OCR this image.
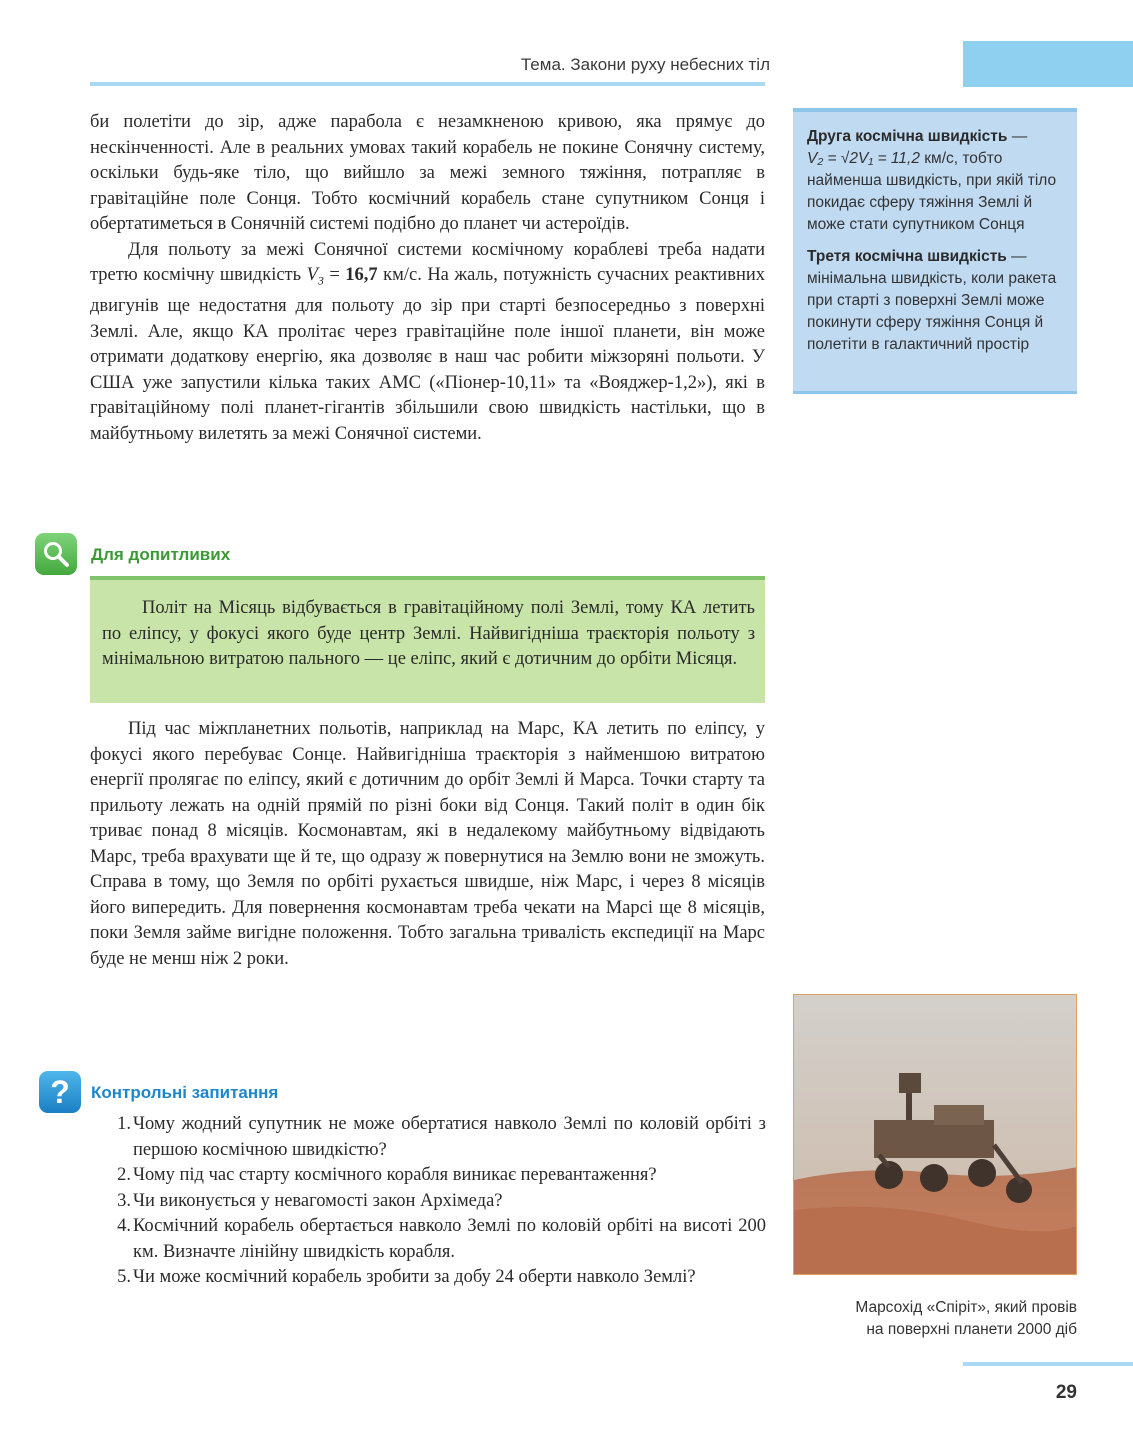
Тема. Закони руху небесних тіл

би полетіти до зір, адже парабола є незамкненою кривою, яка прямує до нескінченності. Але в реальних умовах такий корабель не покине Сонячну систему, оскільки будь-яке тіло, що вийшло за межі земного тяжіння, потрапляє в гравітаційне поле Сонця. Тобто космічний корабель стане супутником Сонця і обертатиметься в Сонячній системі подібно до планет чи астероїдів.

Для польоту за межі Сонячної системи космічному кораблеві треба надати третю космічну швидкість $V_3 = 16,7$ км/с. На жаль, потужність сучасних реактивних двигунів ще недостатня для польоту до зір при старті безпосередньо з поверхні Землі. Але, якщо КА пролітає через гравітаційне поле іншої планети, він може отримати додаткову енергію, яка дозволяє в наш час робити міжзоряні польоти. У США уже запустили кілька таких АМС («Піонер-10,11» та «Вояджер-1,2»), які в гравітаційному полі планет-гігантів збільшили свою швидкість настільки, що в майбутньому вилетять за межі Сонячної системи.

Друга космічна швидкість —
V₂ = √2V₁ = 11,2 км/с, тобто найменша швидкість, при якій тіло покидає сферу тяжіння Землі й може стати супутником Сонця

Третя космічна швидкість — мінімальна швидкість, коли ракета при старті з поверхні Землі може покинути сферу тяжіння Сонця й полетіти в галактичний простір

Для допитливих

Політ на Місяць відбувається в гравітаційному полі Землі, тому КА летить по еліпсу, у фокусі якого буде центр Землі. Найвигідніша траєкторія польоту з мінімальною витратою пального — це еліпс, який є дотичним до орбіти Місяця.

Під час міжпланетних польотів, наприклад на Марс, КА летить по еліпсу, у фокусі якого перебуває Сонце. Найвигідніша траєкторія з найменшою витратою енергії пролягає по еліпсу, який є дотичним до орбіт Землі й Марса. Точки старту та прильоту лежать на одній прямій по різні боки від Сонця. Такий політ в один бік триває понад 8 місяців. Космонавтам, які в недалекому майбутньому відвідають Марс, треба врахувати ще й те, що одразу ж повернутися на Землю вони не зможуть. Справа в тому, що Земля по орбіті рухається швидше, ніж Марс, і через 8 місяців його випередить. Для повернення космонавтам треба чекати на Марсі ще 8 місяців, поки Земля займе вигідне положення. Тобто загальна тривалість експедиції на Марс буде не менш ніж 2 роки.

?	Контрольні запитання
1. Чому жодний супутник не може обертатися навколо Землі по коловій орбіті з першою космічною швидкістю?
2. Чому під час старту космічного корабля виникає перевантаження?
3. Чи виконується у невагомості закон Архімеда?
4. Космічний корабель обертається навколо Землі по коловій орбіті на висоті 200 км. Визначте лінійну швидкість корабля.
5. Чи може космічний корабель зробити за добу 24 оберти навколо Землі?
Марсохід «Спіріт», який провів
на поверхні планети 2000 діб
29
